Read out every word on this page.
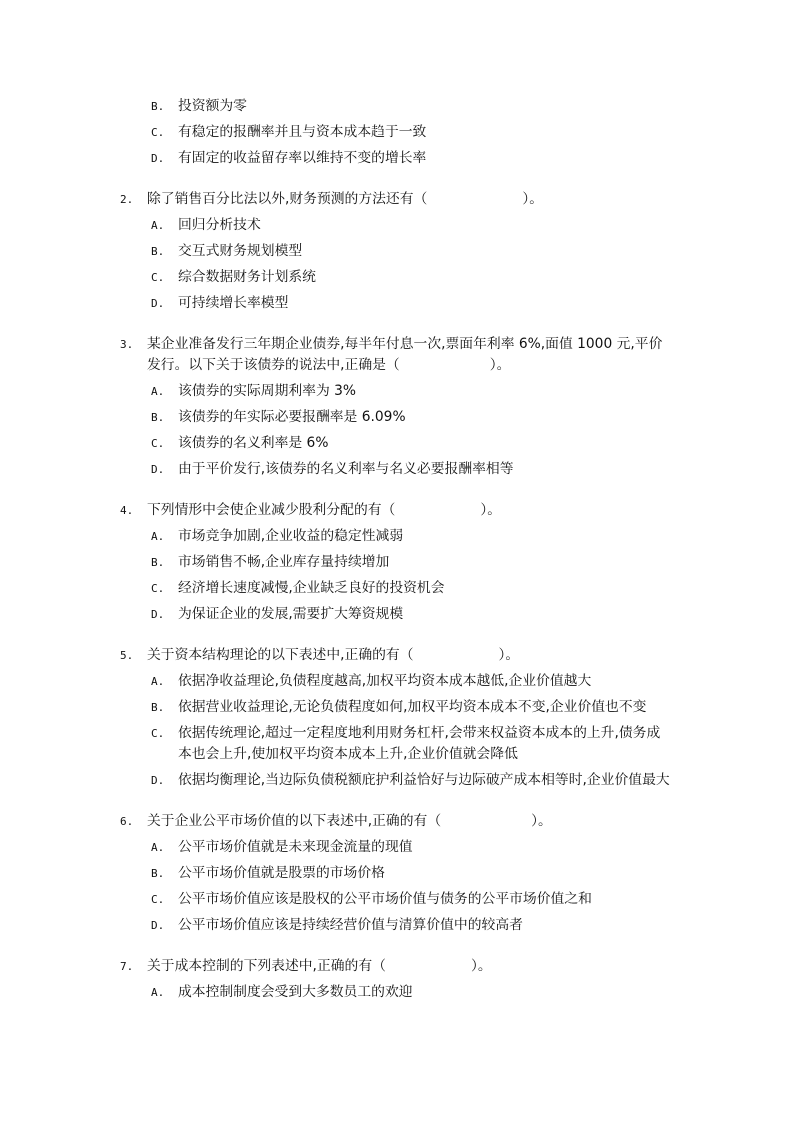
B. 投资额为零
C. 有稳定的报酬率并且与资本成本趋于一致
D. 有固定的收益留存率以维持不变的增长率
2. 除了销售百分比法以外,财务预测的方法还有（	）。
A. 回归分析技术
B. 交互式财务规划模型
C. 综合数据财务计划系统
D. 可持续增长率模型
3. 某企业准备发行三年期企业债券,每半年付息一次,票面年利率 6%,面值 1000 元,平价发行。以下关于该债券的说法中,正确是（	）。
A. 该债券的实际周期利率为 3%
B. 该债券的年实际必要报酬率是 6.09%
C. 该债券的名义利率是 6%
D. 由于平价发行,该债券的名义利率与名义必要报酬率相等
4. 下列情形中会使企业减少股利分配的有（	）。
A. 市场竞争加剧,企业收益的稳定性减弱
B. 市场销售不畅,企业库存量持续增加
C. 经济增长速度减慢,企业缺乏良好的投资机会
D. 为保证企业的发展,需要扩大筹资规模
5. 关于资本结构理论的以下表述中,正确的有（	）。
A. 依据净收益理论,负债程度越高,加权平均资本成本越低,企业价值越大
B. 依据营业收益理论,无论负债程度如何,加权平均资本成本不变,企业价值也不变
C. 依据传统理论,超过一定程度地利用财务杠杆,会带来权益资本成本的上升,债务成本也会上升,使加权平均资本成本上升,企业价值就会降低
D. 依据均衡理论,当边际负债税额庇护利益恰好与边际破产成本相等时,企业价值最大
6. 关于企业公平市场价值的以下表述中,正确的有（	）。
A. 公平市场价值就是未来现金流量的现值
B. 公平市场价值就是股票的市场价格
C. 公平市场价值应该是股权的公平市场价值与债务的公平市场价值之和
D. 公平市场价值应该是持续经营价值与清算价值中的较高者
7. 关于成本控制的下列表述中,正确的有（	）。
A. 成本控制制度会受到大多数员工的欢迎
